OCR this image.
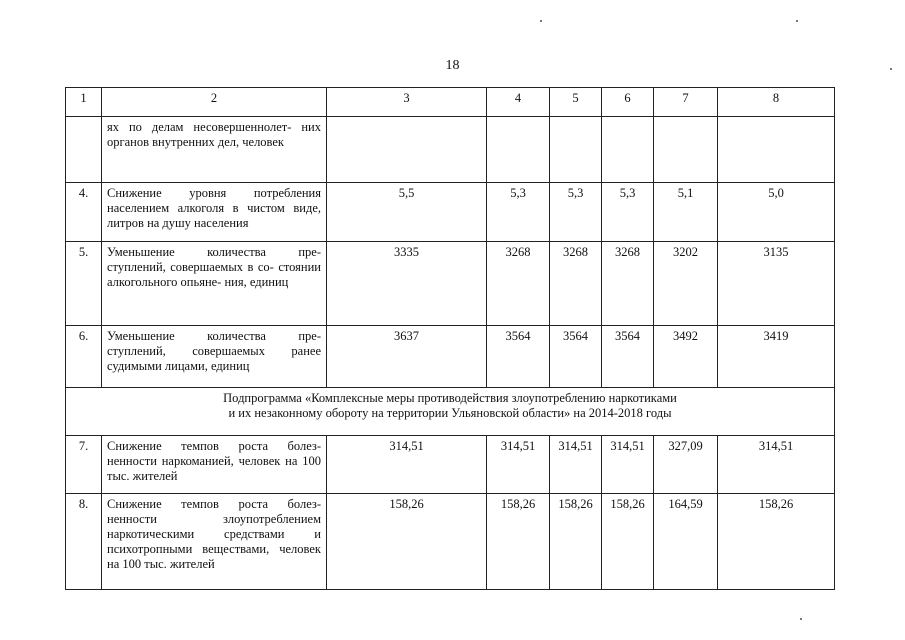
18
1	2	3	4	5	6	7	8
	ях по делам несовершеннолет- них органов внутренних дел, человек						
4.	Снижение уровня потребления населением алкоголя в чистом виде, литров на душу населения	5,5	5,3	5,3	5,3	5,1	5,0
5.	Уменьшение количества пре- ступлений, совершаемых в со- стоянии алкогольного опьяне- ния, единиц	3335	3268	3268	3268	3202	3135
6.	Уменьшение количества пре- ступлений, совершаемых ранее судимыми лицами, единиц	3637	3564	3564	3564	3492	3419

Подпрограмма «Комплексные меры противодействия злоупотреблению наркотиками
и их незаконному обороту на территории Ульяновской области» на 2014-2018 годы							

7.	Снижение темпов роста болез- ненности наркоманией, человек на 100 тыс. жителей	314,51	314,51	314,51	314,51	327,09	314,51
8.	Снижение темпов роста болез- ненности злоупотреблением наркотическими средствами и психотропными веществами, человек на 100 тыс. жителей	158,26	158,26	158,26	158,26	164,59	158,26
